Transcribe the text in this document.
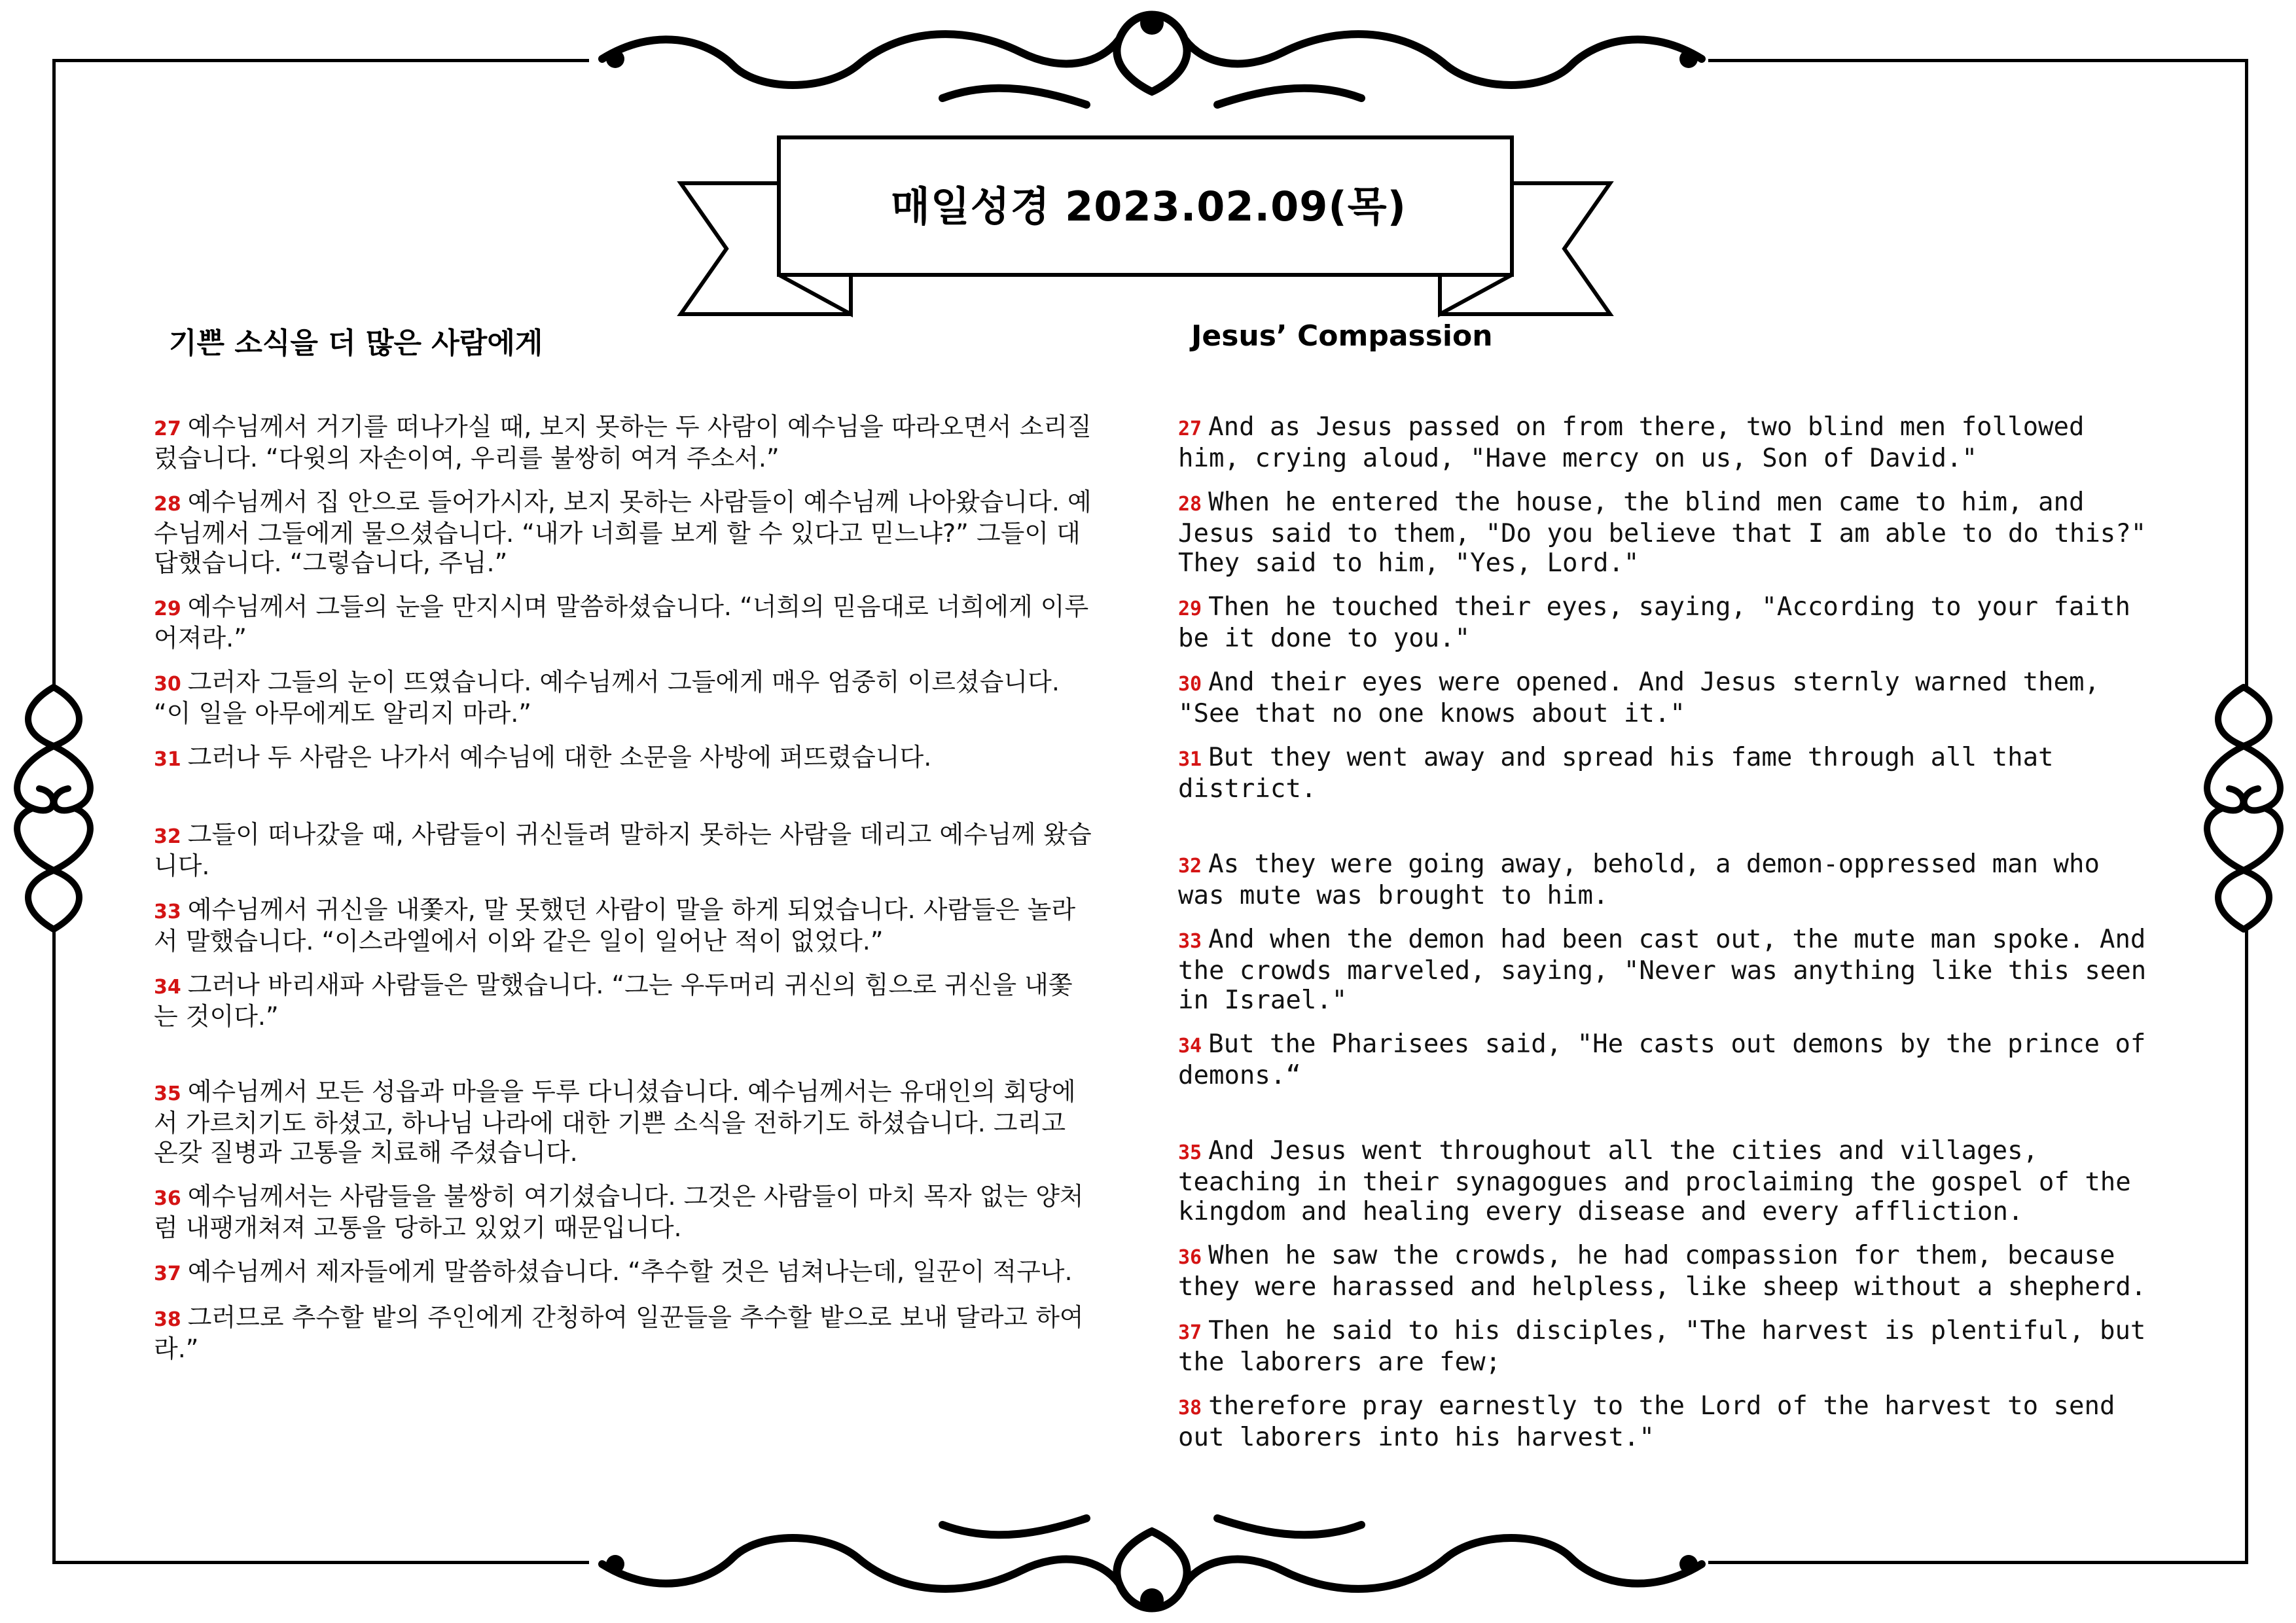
매일성경 2023.02.09(목)
기쁜 소식을 더 많은 사람에게	Jesus’ Compassion

27 예수님께서 거기를 떠나가실 때, 보지 못하는 두 사람이 예수님을 따라오면서 소리질렀습니다. “다윗의 자손이여, 우리를 불쌍히 여겨 주소서.”

28 예수님께서 집 안으로 들어가시자, 보지 못하는 사람들이 예수님께 나아왔습니다. 예수님께서 그들에게 물으셨습니다. “내가 너희를 보게 할 수 있다고 믿느냐?” 그들이 대답했습니다. “그렇습니다, 주님.”

29 예수님께서 그들의 눈을 만지시며 말씀하셨습니다. “너희의 믿음대로 너희에게 이루어져라.”

30 그러자 그들의 눈이 뜨였습니다. 예수님께서 그들에게 매우 엄중히 이르셨습니다. “이 일을 아무에게도 알리지 마라.”

31 그러나 두 사람은 나가서 예수님에 대한 소문을 사방에 퍼뜨렸습니다.

32 그들이 떠나갔을 때, 사람들이 귀신들려 말하지 못하는 사람을 데리고 예수님께 왔습니다.

33 예수님께서 귀신을 내쫓자, 말 못했던 사람이 말을 하게 되었습니다. 사람들은 놀라서 말했습니다. “이스라엘에서 이와 같은 일이 일어난 적이 없었다.”

34 그러나 바리새파 사람들은 말했습니다. “그는 우두머리 귀신의 힘으로 귀신을 내쫓는 것이다.”

35 예수님께서 모든 성읍과 마을을 두루 다니셨습니다. 예수님께서는 유대인의 회당에서 가르치기도 하셨고, 하나님 나라에 대한 기쁜 소식을 전하기도 하셨습니다. 그리고 온갖 질병과 고통을 치료해 주셨습니다.

36 예수님께서는 사람들을 불쌍히 여기셨습니다. 그것은 사람들이 마치 목자 없는 양처럼 내팽개쳐져 고통을 당하고 있었기 때문입니다.

37 예수님께서 제자들에게 말씀하셨습니다. “추수할 것은 넘쳐나는데, 일꾼이 적구나.

38 그러므로 추수할 밭의 주인에게 간청하여 일꾼들을 추수할 밭으로 보내 달라고 하여라.”

27 And as Jesus passed on from there, two blind men followed him, crying aloud, "Have mercy on us, Son of David."

28 When he entered the house, the blind men came to him, and Jesus said to them, "Do you believe that I am able to do this?" They said to him, "Yes, Lord."

29 Then he touched their eyes, saying, "According to your faith be it done to you."

30 And their eyes were opened. And Jesus sternly warned them, "See that no one knows about it."

31 But they went away and spread his fame through all that district.

32 As they were going away, behold, a demon-oppressed man who was mute was brought to him.

33 And when the demon had been cast out, the mute man spoke. And the crowds marveled, saying, "Never was anything like this seen in Israel."

34 But the Pharisees said, "He casts out demons by the prince of demons.“

35 And Jesus went throughout all the cities and villages, teaching in their synagogues and proclaiming the gospel of the kingdom and healing every disease and every affliction.

36 When he saw the crowds, he had compassion for them, because they were harassed and helpless, like sheep without a shepherd.

37 Then he said to his disciples, "The harvest is plentiful, but the laborers are few;

38 therefore pray earnestly to the Lord of the harvest to send out laborers into his harvest."
